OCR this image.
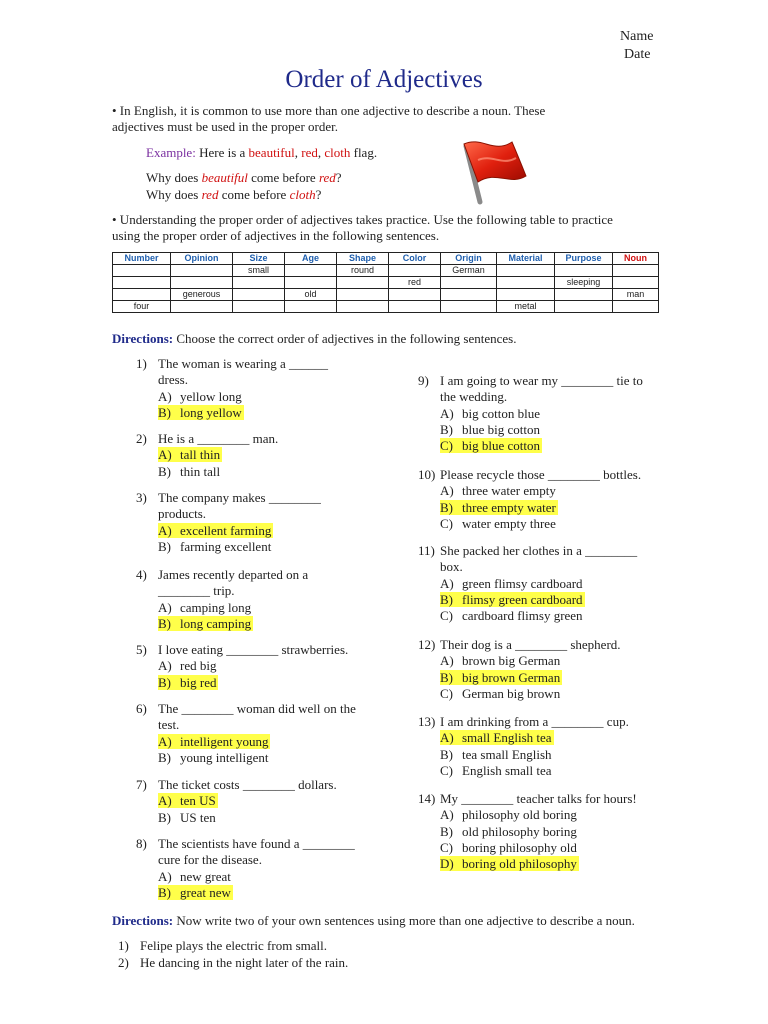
Name
Date
Order of Adjectives
• In English, it is common to use more than one adjective to describe a noun. These
adjectives must be used in the proper order.
Example: Here is a beautiful, red, cloth flag.
Why does beautiful come before red?
Why does red come before cloth?
• Understanding the proper order of adjectives takes practice. Use the following table to practice
using the proper order of adjectives in the following sentences.
Number	Opinion	Size	Age	Shape	Color	Origin	Material	Purpose	Noun
		small		round		German			
					red			sleeping	
	generous		old						man
four							metal		
Directions: Choose the correct order of adjectives in the following sentences.
1) The woman is wearing a ______ dress.
A) yellow long
B) long yellow
2) He is a ________ man.
A) tall thin
B) thin tall
3) The company makes ________ products.
A) excellent farming
B) farming excellent
4) James recently departed on a ________ trip.
A) camping long
B) long camping
5) I love eating ________ strawberries.
A) red big
B) big red
6) The ________ woman did well on the test.
A) intelligent young
B) young intelligent
7) The ticket costs ________ dollars.
A) ten US
B) US ten
8) The scientists have found a ________ cure for the disease.
A) new great
B) great new
9) I am going to wear my ________ tie to the wedding.
A) big cotton blue
B) blue big cotton
C) big blue cotton
10) Please recycle those ________ bottles.
A) three water empty
B) three empty water
C) water empty three
11) She packed her clothes in a ________ box.
A) green flimsy cardboard
B) flimsy green cardboard
C) cardboard flimsy green
12) Their dog is a ________ shepherd.
A) brown big German
B) big brown German
C) German big brown
13) I am drinking from a ________ cup.
A) small English tea
B) tea small English
C) English small tea
14) My ________ teacher talks for hours!
A) philosophy old boring
B) old philosophy boring
C) boring philosophy old
D) boring old philosophy
Directions: Now write two of your own sentences using more than one adjective to describe a noun.
1) Felipe plays the electric from small.
2) He dancing in the night later of the rain.
